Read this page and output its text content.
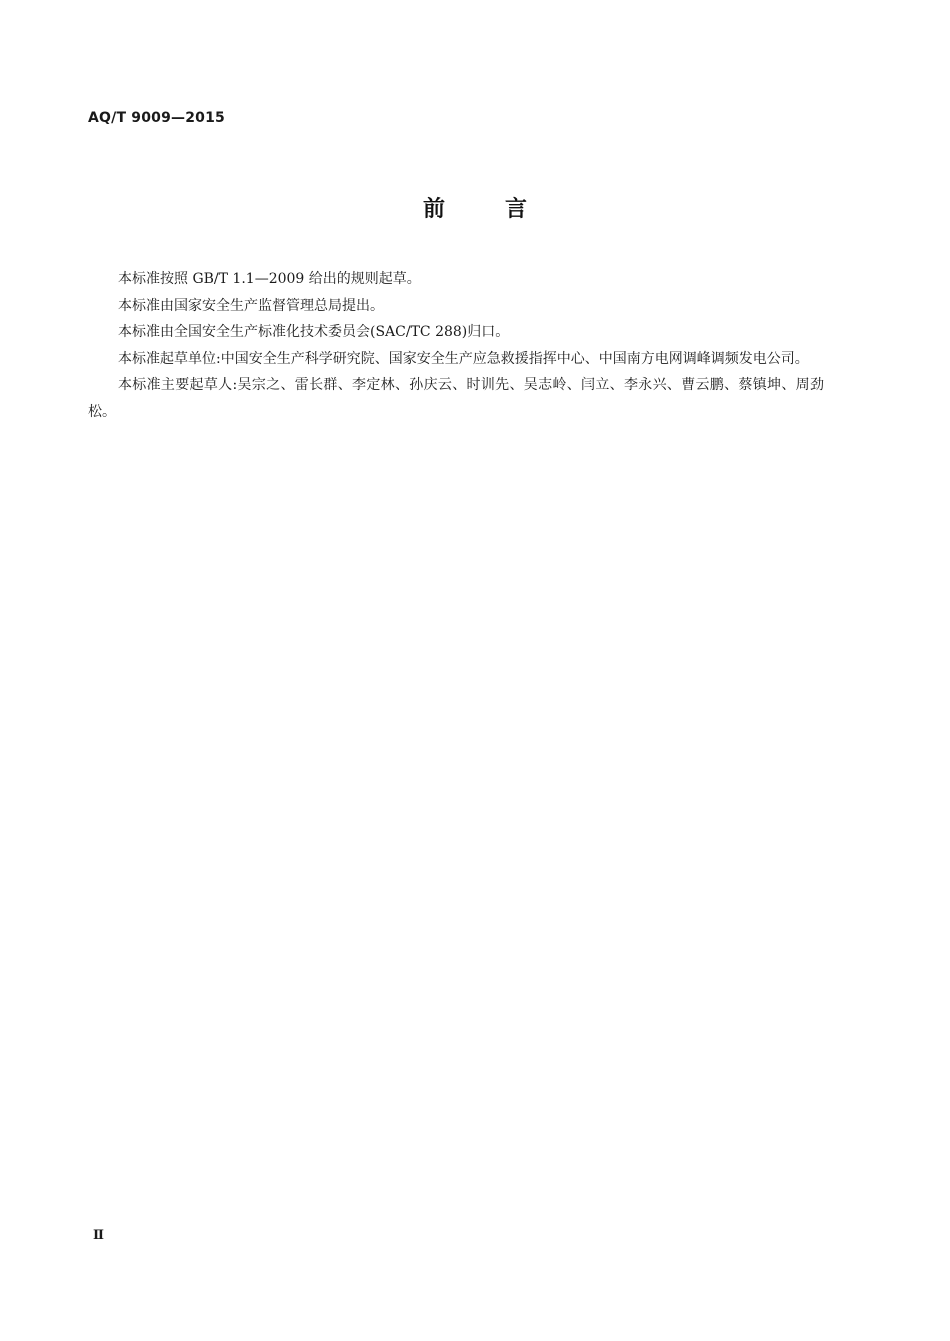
AQ/T 9009—2015
前言

本标准按照 GB/T 1.1—2009 给出的规则起草。

本标准由国家安全生产监督管理总局提出。

本标准由全国安全生产标准化技术委员会(SAC/TC 288)归口。

本标准起草单位:中国安全生产科学研究院、国家安全生产应急救援指挥中心、中国南方电网调峰调频发电公司。

本标准主要起草人:吴宗之、雷长群、李定林、孙庆云、时训先、吴志岭、闫立、李永兴、曹云鹏、蔡镇坤、周劲松。

Ⅱ
